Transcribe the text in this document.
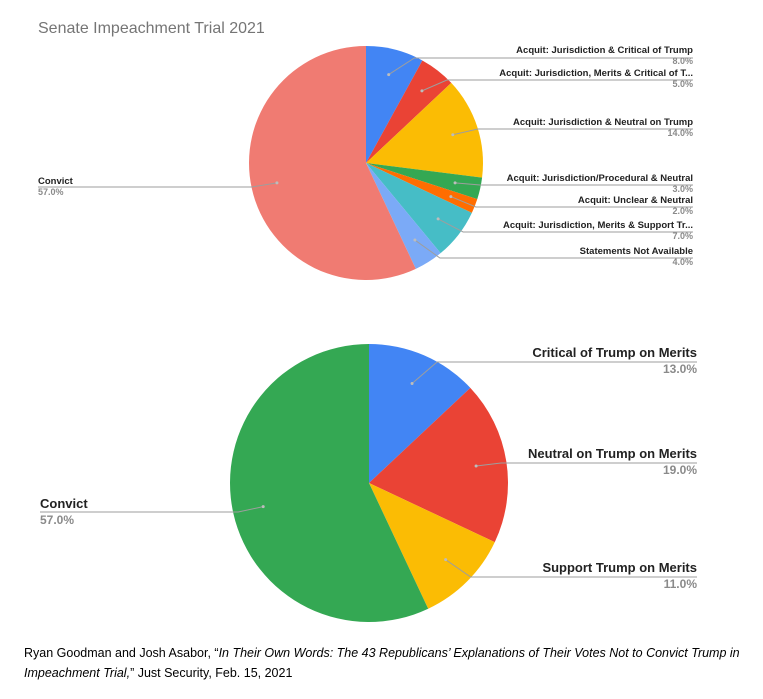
Senate Impeachment Trial 2021
Acquit: Jurisdiction & Critical of Trump
8.0%
Acquit: Jurisdiction, Merits & Critical of T...
5.0%
Acquit: Jurisdiction & Neutral on Trump
14.0%
Acquit: Jurisdiction/Procedural & Neutral
3.0%
Acquit: Unclear & Neutral
2.0%
Acquit: Jurisdiction, Merits & Support Tr...
7.0%
Statements Not Available
4.0%
Convict
57.0%
Critical of Trump on Merits
13.0%
Neutral on Trump on Merits
19.0%
Support Trump on Merits
11.0%
Convict
57.0%
Ryan Goodman and Josh Asabor, “In Their Own Words: The 43 Republicans’ Explanations of Their Votes Not to Convict Trump in Impeachment Trial,” Just Security, Feb. 15, 2021
